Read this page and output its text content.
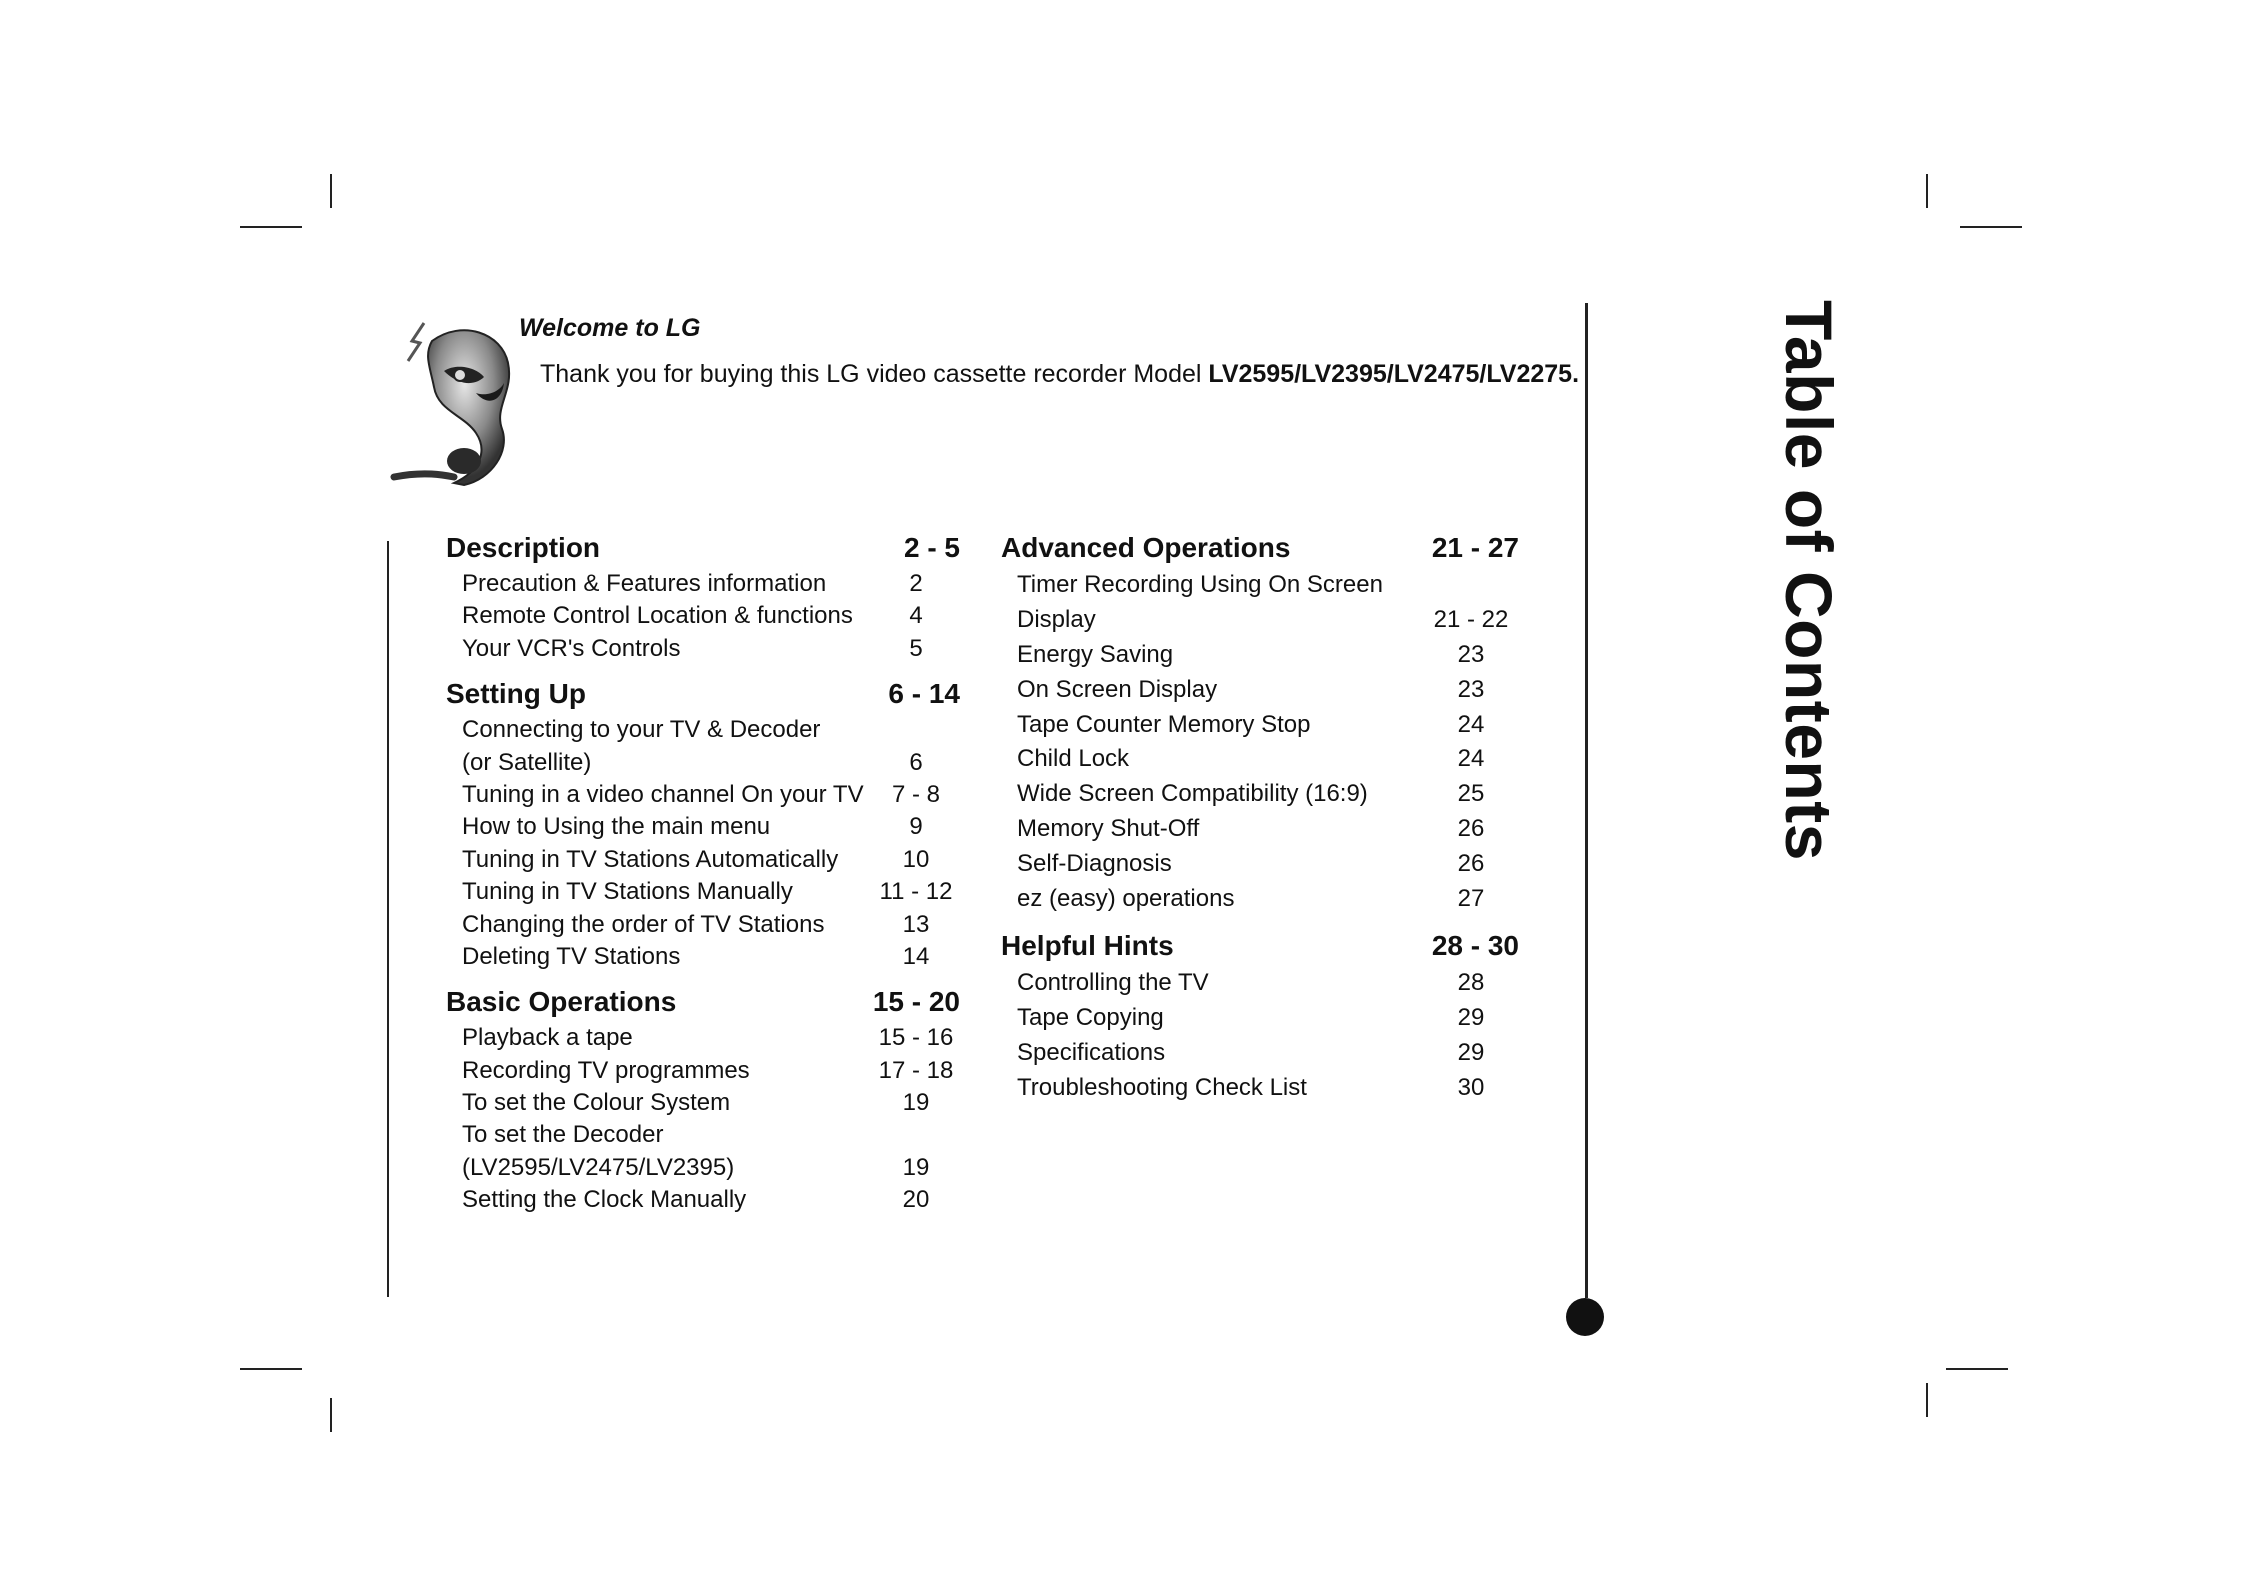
Welcome to LG
Thank you for buying this LG video cassette recorder Model LV2595/LV2395/LV2475/LV2275.	Table of Contents
Description	2 - 5
Precaution & Features information	2
Remote Control Location & functions	4
Your VCR's Controls	5
Setting Up	6 - 14
Connecting to your TV & Decoder
(or Satellite)	6
Tuning in a video channel On your TV	7 - 8
How to Using the main menu	9
Tuning in TV Stations Automatically	10
Tuning in TV Stations Manually	11 - 12
Changing the order of TV Stations	13
Deleting TV Stations	14
Basic Operations	15 - 20
Playback a tape	15 - 16
Recording TV programmes	17 - 18
To set the Colour System	19
To set the Decoder
(LV2595/LV2475/LV2395)	19
Setting the Clock Manually	20
Advanced Operations	21 - 27
Timer Recording Using On Screen
Display	21 - 22
Energy Saving	23
On Screen Display	23
Tape Counter Memory Stop	24
Child Lock	24
Wide Screen Compatibility (16:9)	25
Memory Shut-Off	26
Self-Diagnosis	26
ez (easy) operations	27
Helpful Hints	28 - 30
Controlling the TV	28
Tape Copying	29
Specifications	29
Troubleshooting Check List	30
